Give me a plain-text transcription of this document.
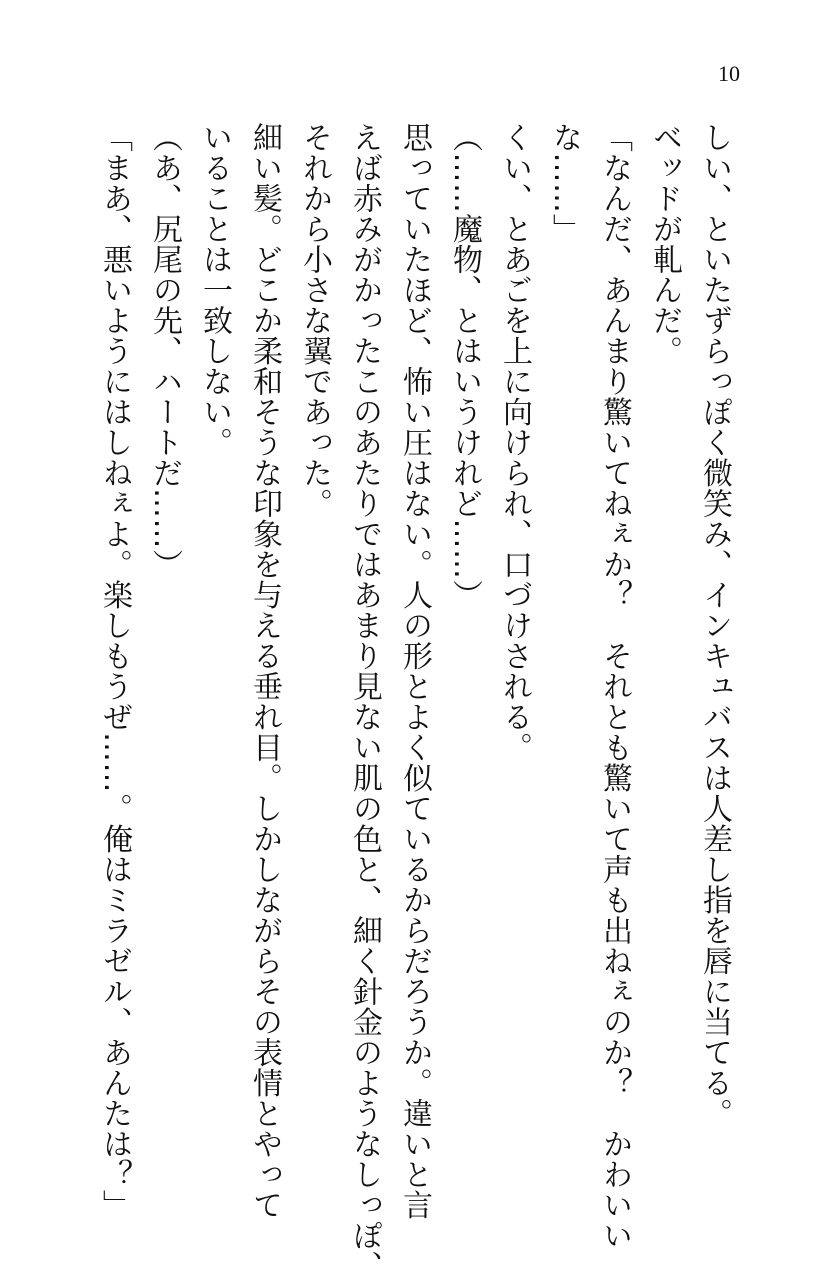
10
しい、といたずらっぽく微笑み、インキュバスは人差し指を唇に当てる。
ベッドが軋んだ。
「なんだ、あんまり驚いてねぇか？　それとも驚いて声も出ねぇのか？　かわいい
な……」
くい、とあごを上に向けられ、口づけされる。
（……魔物、とはいうけれど……）
思っていたほど、怖い圧はない。人の形とよく似ているからだろうか。違いと言
えば赤みがかったこのあたりではあまり見ない肌の色と、細く針金のようなしっぽ、
それから小さな翼であった。
細い髪。どこか柔和そうな印象を与える垂れ目。しかしながらその表情とやって
いることは一致しない。
（あ、尻尾の先、ハートだ……）
「まあ、悪いようにはしねぇよ。楽しもうぜ……。俺はミラゼル、あんたは？」
